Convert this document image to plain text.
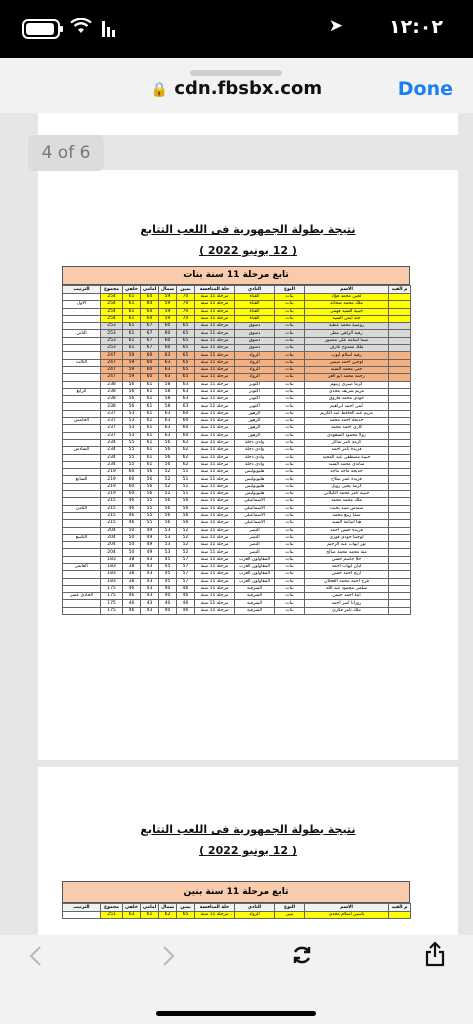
➤ ١٢:٠٢
🔒 cdn.fbsbx.com	Done
نتيجة بطولة الجمهورية فى اللعب التتابع
( 12 يونيو 2022 )
تابع مرحلة 11 سنة بنات
م القيد	الاسم	النوع	النادي	حلة المنافسة	يمين	شمال	امامي	خلفي	مجموع	الترتيب
	لجين محمد فؤاد	بنات	القناة	مرحلة 11 سنة	70	59	64	61	254	
	ملك محمد شحاتة	بنات	القناة	مرحلة 11 سنة	70	59	64	61	254	الأول
	حبيبة السيد فهمى	بنات	القناة	مرحلة 11 سنة	70	59	64	61	254	
	جنة أيمن السيد	بنات	القناة	مرحلة 11 سنة	70	59	64	61	254	
	روضية محمد عطية	بنات	دسوق	مرحلة 11 سنة	65	60	67	61	253	
	رقية الزاهي مطر	بنات	دسوق	مرحلة 11 سنة	65	60	67	61	253	الثاني
	سما اسامة على منصور	بنات	دسوق	مرحلة 11 سنة	65	60	67	61	253	
	ملك ممدوح عارف	بنات	دسوق	مرحلة 11 سنة	65	60	67	61	253	
	رقية اسلام أيوب	بنات	الرواد	مرحلة 11 سنة	65	63	60	59	247	
	لوجين احمد سمير	بنات	الرواد	مرحلة 11 سنة	65	63	60	59	247	الثالث
	جنى محمد السيد	بنات	الرواد	مرحلة 11 سنة	65	63	60	59	247	
	رحمة محمد ابو العز	بنات	الرواد	مرحلة 11 سنة	65	63	60	59	247	
	كرما صبري زينهم	بنات	أكتوبر	مرحلة 11 سنة	63	58	61	56	238	
	مريم شريف مجدي	بنات	أكتوبر	مرحلة 11 سنة	63	58	61	56	238	الرابع
	جودي محمد فاروق	بنات	أكتوبر	مرحلة 11 سنة	63	58	61	56	238	
	لمى احمد ابراهيم	بنات	أكتوبر	مرحلة 11 سنة	63	58	61	56	238	
	مريم عبد الحافظ عبد الكريم	بنات	الزهور	مرحلة 11 سنة	60	63	61	53	237	
	خديجة احمد محمد	بنات	الزهور	مرحلة 11 سنة	60	63	61	53	237	الخامس
	كاري احمد محمد	بنات	الزهور	مرحلة 11 سنة	60	63	61	53	237	
	رولا محمود السعودي	بنات	الزهور	مرحلة 11 سنة	60	63	61	53	237	
	كرمة تامر شاكر	بنات	وادي دجلة	مرحلة 11 سنة	62	56	61	55	234	
	فريدة تامر احمد	بنات	وادي دجلة	مرحلة 11 سنة	62	56	61	55	234	السادس
	حبيبة مصطفى عبد المجيد	بنات	وادي دجلة	مرحلة 11 سنة	62	56	61	55	234	
	ساندي محمد السيد	بنات	وادي دجلة	مرحلة 11 سنة	62	56	61	55	234	
	خديجة ماجد ماجد	بنات	هليوبوليس	مرحلة 11 سنة	51	52	56	60	219	
	فريدة عمر صلاح	بنات	هليوبوليس	مرحلة 11 سنة	51	52	56	60	219	السابع
	كرمة يحيى زويل	بنات	هليوبوليس	مرحلة 11 سنة	51	52	56	60	219	
	حبيبة تامر محمد الكيلاني	بنات	هليوبوليس	مرحلة 11 سنة	51	52	56	60	219	
	ملك محمد محمد	بنات	الاسماعيلى	مرحلة 11 سنة	56	56	55	46	215	
	سندس سيد بخيت	بنات	الاسماعيلى	مرحلة 11 سنة	56	56	55	46	215	الثامن
	سما ربيع محمد	بنات	الاسماعيلى	مرحلة 11 سنة	56	56	55	46	215	
	هنا اسامة السيد	بنات	الاسماعيلى	مرحلة 11 سنة	56	56	55	46	215	
	فريدة حسن احمد	بنات	النصر	مرحلة 11 سنة	52	53	49	50	204	
	لوجينا جودي فوزي	بنات	النصر	مرحلة 11 سنة	52	53	49	50	204	التاسع
	نور ايهاب عبد الرحيم	بنات	النصر	مرحلة 11 سنة	52	53	49	50	204	
	منة محمد محمد صالح	بنات	النصر	مرحلة 11 سنة	52	53	49	50	204	
	حلا جاسم حسن	بنات	المقاولون العرب	مرحلة 11 سنة	57	45	43	38	183	
	ليان ايهاب احمد	بنات	المقاولون العرب	مرحلة 11 سنة	57	45	43	38	183	العاشر
	اريج احمد حسن	بنات	المقاولون العرب	مرحلة 11 سنة	57	45	43	38	183	
	فرح احمد محمد العجلان	بنات	المقاولون العرب	مرحلة 11 سنة	57	45	43	38	183	
	سلمى محمود عبد الله	بنات	الشرقية	مرحلة 11 سنة	46	40	43	46	175	
	ايتة احمد حسن	بنات	الشرقية	مرحلة 11 سنة	46	40	43	46	175	الحادي عشر
	روزانا أمير أحمد	بنات	الشرقية	مرحلة 11 سنة	46	40	43	46	175	
	ملك تامر فكري	بنات	الشرقية	مرحلة 11 سنة	46	40	43	46	175	
نتيجة بطولة الجمهورية فى اللعب التتابع
( 12 يونيو 2022 )
تابع مرحلة 11 سنة بنين
م القيد	الاسم	النوع	النادي	حلة المنافسة	يمين	شمال	امامي	خلفي	مجموع	الترتيب
	ياسين اسلام مجدي	بنين	الرواد	مرحلة 11 سنة	65	62	61	63	251	
4 of 6
